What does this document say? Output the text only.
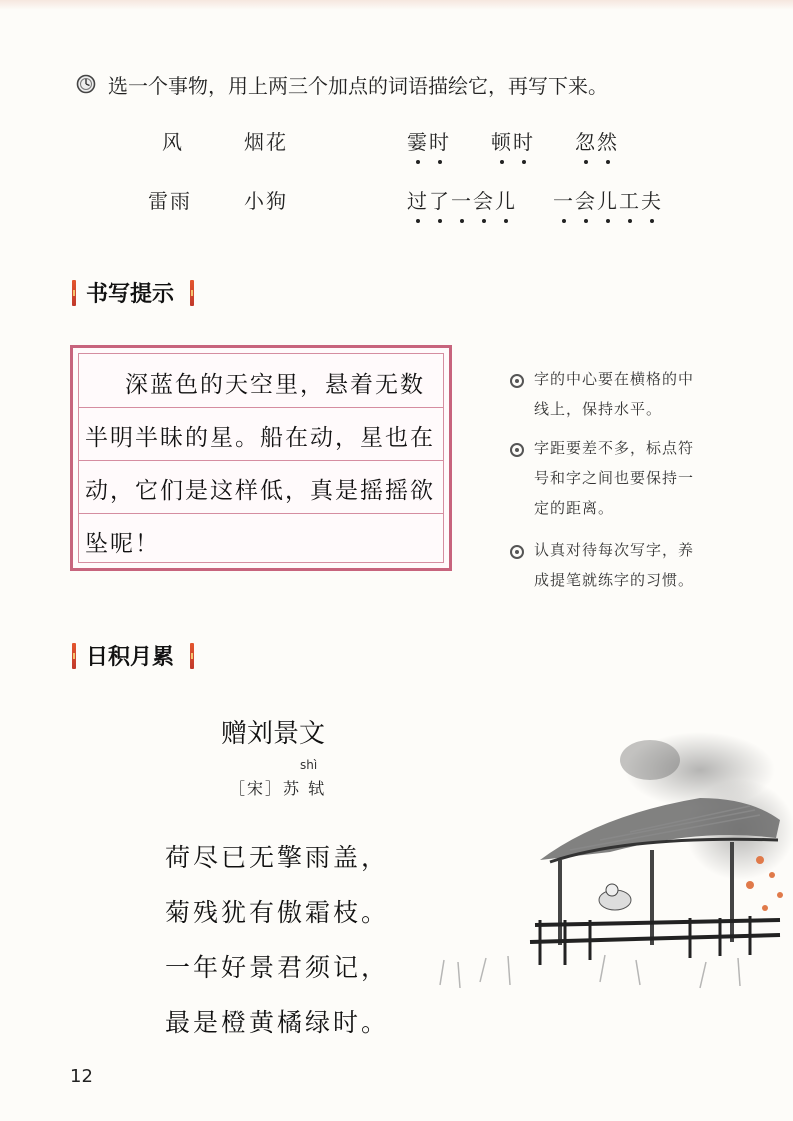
选一个事物，用上两三个加点的词语描绘它，再写下来。
风	烟花
雷雨	小狗
霎时 顿时 忽然
过了一会儿 一会儿工夫
书写提示
深蓝色的天空里，悬着无数
半明半昧的星。船在动，星也在
动，它们是这样低，真是摇摇欲
坠呢！
字的中心要在横格的中线上，保持水平。
字距要差不多，标点符号和字之间也要保持一定的距离。
认真对待每次写字，养成提笔就练字的习惯。
日积月累
赠刘景文
shì
［宋］苏 轼
荷尽已无擎雨盖，
菊残犹有傲霜枝。
一年好景君须记，
最是橙黄橘绿时。
12
